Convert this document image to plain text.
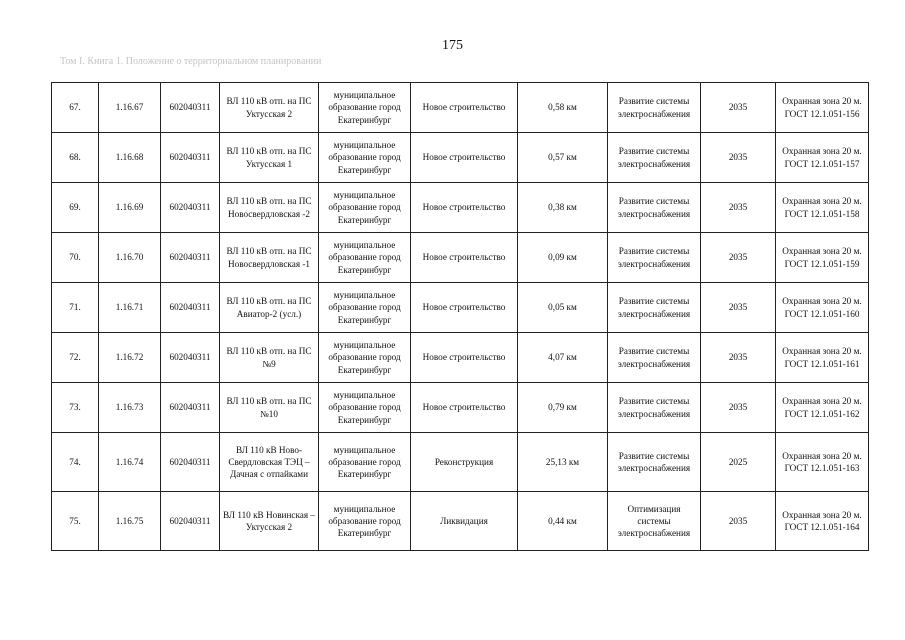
175
Том I. Книга 1. Положение о территориальном планировании
67.	1.16.67	602040311	ВЛ 110 кВ отп. на ПС Уктусская 2	муниципальное образование город Екатеринбург	Новое строительство	0,58 км	Развитие системы электроснабжения	2035	Охранная зона 20 м. ГОСТ 12.1.051-156
68.	1.16.68	602040311	ВЛ 110 кВ отп. на ПС Уктусская 1	муниципальное образование город Екатеринбург	Новое строительство	0,57 км	Развитие системы электроснабжения	2035	Охранная зона 20 м. ГОСТ 12.1.051-157
69.	1.16.69	602040311	ВЛ 110 кВ отп. на ПС Новосвердловская -2	муниципальное образование город Екатеринбург	Новое строительство	0,38 км	Развитие системы электроснабжения	2035	Охранная зона 20 м. ГОСТ 12.1.051-158
70.	1.16.70	602040311	ВЛ 110 кВ отп. на ПС Новосвердловская -1	муниципальное образование город Екатеринбург	Новое строительство	0,09 км	Развитие системы электроснабжения	2035	Охранная зона 20 м. ГОСТ 12.1.051-159
71.	1.16.71	602040311	ВЛ 110 кВ отп. на ПС Авиатор-2 (усл.)	муниципальное образование город Екатеринбург	Новое строительство	0,05 км	Развитие системы электроснабжения	2035	Охранная зона 20 м. ГОСТ 12.1.051-160
72.	1.16.72	602040311	ВЛ 110 кВ отп. на ПС №9	муниципальное образование город Екатеринбург	Новое строительство	4,07 км	Развитие системы электроснабжения	2035	Охранная зона 20 м. ГОСТ 12.1.051-161
73.	1.16.73	602040311	ВЛ 110 кВ отп. на ПС №10	муниципальное образование город Екатеринбург	Новое строительство	0,79 км	Развитие системы электроснабжения	2035	Охранная зона 20 м. ГОСТ 12.1.051-162
74.	1.16.74	602040311	ВЛ 110 кВ Ново-Свердловская ТЭЦ – Дачная с отпайками	муниципальное образование город Екатеринбург	Реконструкция	25,13 км	Развитие системы электроснабжения	2025	Охранная зона 20 м. ГОСТ 12.1.051-163
75.	1.16.75	602040311	ВЛ 110 кВ Новинская – Уктусская 2	муниципальное образование город Екатеринбург	Ликвидация	0,44 км	Оптимизация системы электроснабжения	2035	Охранная зона 20 м. ГОСТ 12.1.051-164
